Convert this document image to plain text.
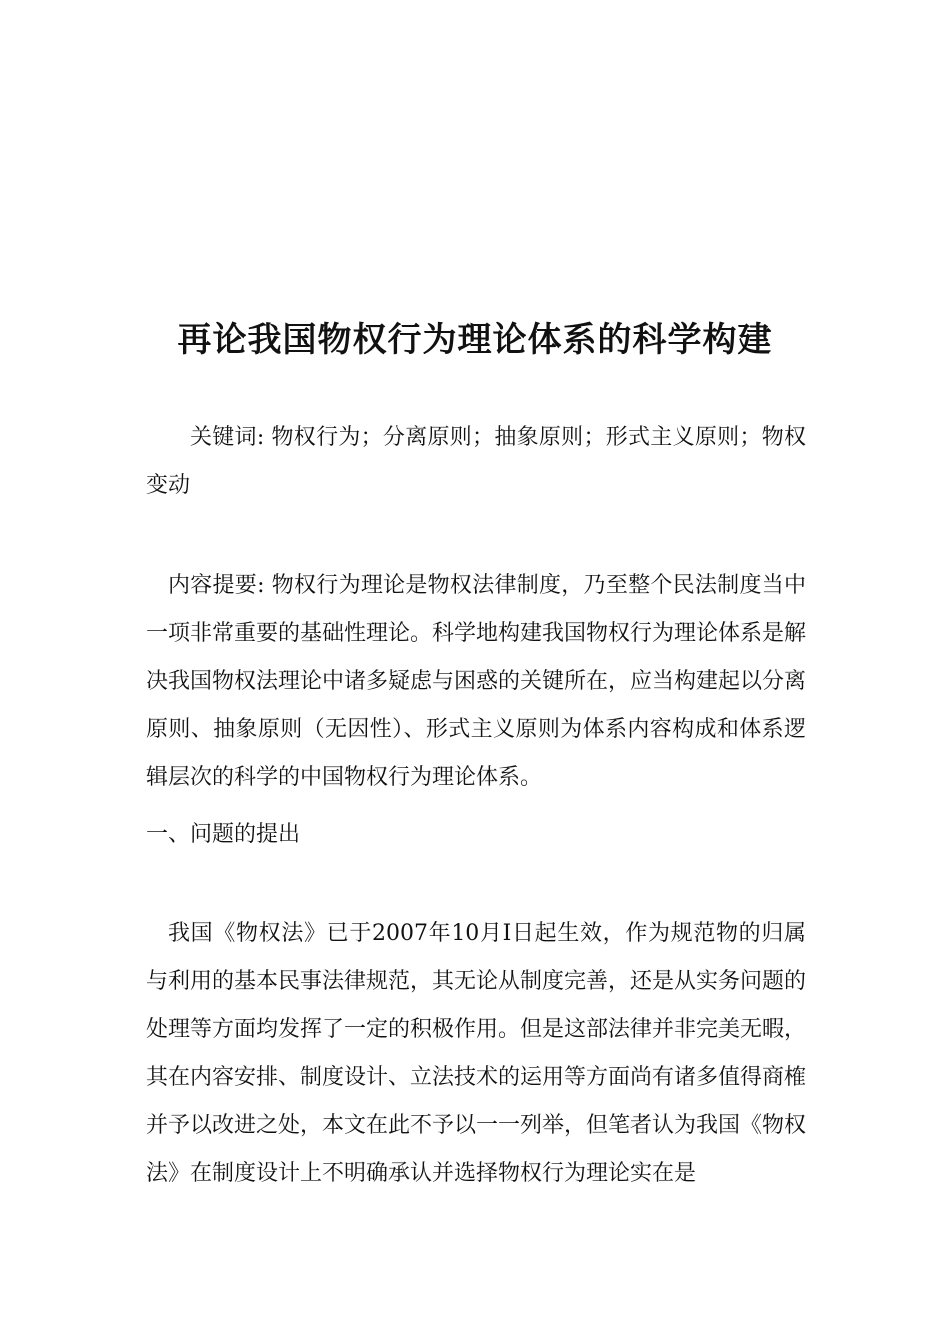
再论我国物权行为理论体系的科学构建
关键词: 物权行为；分离原则；抽象原则；形式主义原则；物权变动
内容提要: 物权行为理论是物权法律制度，乃至整个民法制度当中一项非常重要的基础性理论。科学地构建我国物权行为理论体系是解决我国物权法理论中诸多疑虑与困惑的关键所在，应当构建起以分离原则、抽象原则（无因性）、形式主义原则为体系内容构成和体系逻辑层次的科学的中国物权行为理论体系。
一、问题的提出
我国《物权法》已于2007年10月I日起生效，作为规范物的归属与利用的基本民事法律规范，其无论从制度完善，还是从实务问题的处理等方面均发挥了一定的积极作用。但是这部法律并非完美无暇，其在内容安排、制度设计、立法技术的运用等方面尚有诸多值得商榷并予以改进之处，本文在此不予以一一列举，但笔者认为我国《物权法》在制度设计上不明确承认并选择物权行为理论实在是
